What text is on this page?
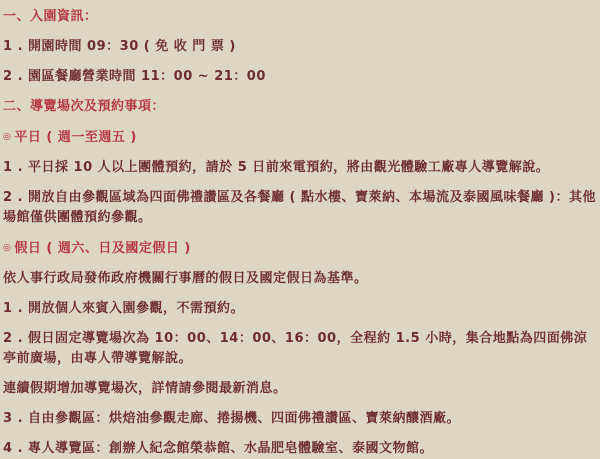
一、入園資訊：

1 . 開園時間 09：30 ( 免 收 門 票 )

2 . 園區餐廳營業時間 11：00 ~ 21：00

二、導覽場次及預約事項：

◎ 平日 ( 週一至週五 )

1 . 平日採 10 人以上團體預約，請於 5 日前來電預約，將由觀光體驗工廠專人導覽解說。

2 . 開放自由參觀區域為四面佛禮讚區及各餐廳 ( 點水樓、寶萊納、本場流及泰國風味餐廳 )：其他場館僅供團體預約參觀。

◎ 假日 ( 週六、日及國定假日 )

依人事行政局發佈政府機關行事曆的假日及國定假日為基準。

1 . 開放個人來賓入園參觀，不需預約。

2 . 假日固定導覽場次為 10：00、14：00、16：00，全程約 1.5 小時，集合地點為四面佛涼亭前廣場，由專人帶導覽解說。

連續假期增加導覽場次，詳情請參閱最新消息。

3 . 自由參觀區：烘焙油參觀走廊、捲揚機、四面佛禮讚區、寶萊納釀酒廠。

4 . 專人導覽區：創辦人紀念館榮恭館、水晶肥皂體驗室、泰國文物館。
